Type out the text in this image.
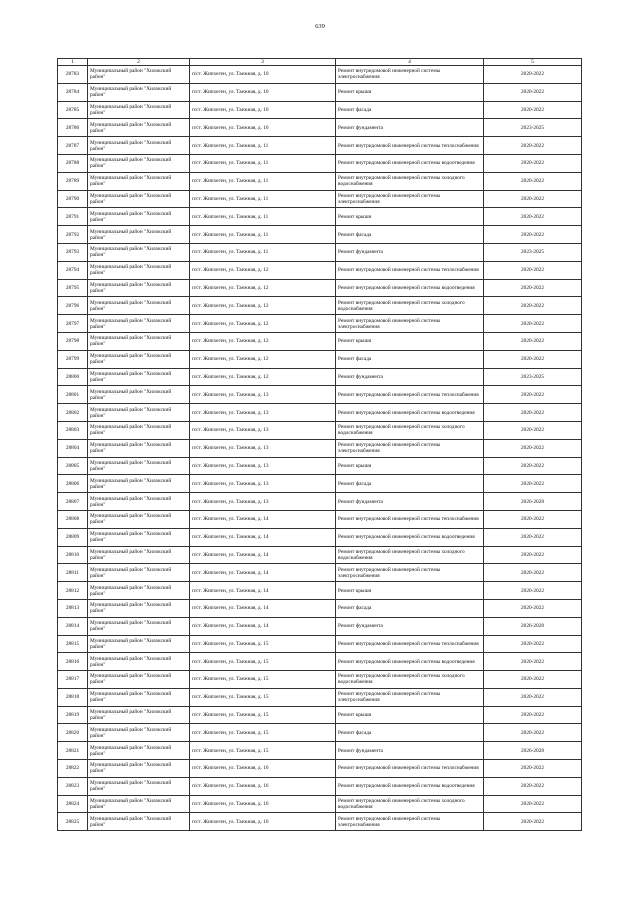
639
1	2	3	4	5
28783	Муниципальный район "Хилокский район"	п/ст. Жипхеген, ул. Таежная, д. 10	Ремонт внутридомовой инженерной системы электроснабжения	2020-2022
28784	Муниципальный район "Хилокский район"	п/ст. Жипхеген, ул. Таежная, д. 10	Ремонт крыши	2020-2022
28785	Муниципальный район "Хилокский район"	п/ст. Жипхеген, ул. Таежная, д. 10	Ремонт фасада	2020-2022
28786	Муниципальный район "Хилокский район"	п/ст. Жипхеген, ул. Таежная, д. 10	Ремонт фундамента	2023-2025
28787	Муниципальный район "Хилокский район"	п/ст. Жипхеген, ул. Таежная, д. 11	Ремонт внутридомовой инженерной системы теплоснабжения	2020-2022
28788	Муниципальный район "Хилокский район"	п/ст. Жипхеген, ул. Таежная, д. 11	Ремонт внутридомовой инженерной системы водоотведения	2020-2022
28789	Муниципальный район "Хилокский район"	п/ст. Жипхеген, ул. Таежная, д. 11	Ремонт внутридомовой инженерной системы холодного водоснабжения	2020-2022
28790	Муниципальный район "Хилокский район"	п/ст. Жипхеген, ул. Таежная, д. 11	Ремонт внутридомовой инженерной системы электроснабжения	2020-2022
28791	Муниципальный район "Хилокский район"	п/ст. Жипхеген, ул. Таежная, д. 11	Ремонт крыши	2020-2022
28792	Муниципальный район "Хилокский район"	п/ст. Жипхеген, ул. Таежная, д. 11	Ремонт фасада	2020-2022
28793	Муниципальный район "Хилокский район"	п/ст. Жипхеген, ул. Таежная, д. 11	Ремонт фундамента	2023-2025
28794	Муниципальный район "Хилокский район"	п/ст. Жипхеген, ул. Таежная, д. 12	Ремонт внутридомовой инженерной системы теплоснабжения	2020-2022
28795	Муниципальный район "Хилокский район"	п/ст. Жипхеген, ул. Таежная, д. 12	Ремонт внутридомовой инженерной системы водоотведения	2020-2022
28796	Муниципальный район "Хилокский район"	п/ст. Жипхеген, ул. Таежная, д. 12	Ремонт внутридомовой инженерной системы холодного водоснабжения	2020-2022
28797	Муниципальный район "Хилокский район"	п/ст. Жипхеген, ул. Таежная, д. 12	Ремонт внутридомовой инженерной системы электроснабжения	2020-2022
28798	Муниципальный район "Хилокский район"	п/ст. Жипхеген, ул. Таежная, д. 12	Ремонт крыши	2020-2022
28799	Муниципальный район "Хилокский район"	п/ст. Жипхеген, ул. Таежная, д. 12	Ремонт фасада	2020-2022
28800	Муниципальный район "Хилокский район"	п/ст. Жипхеген, ул. Таежная, д. 12	Ремонт фундамента	2023-2025
28801	Муниципальный район "Хилокский район"	п/ст. Жипхеген, ул. Таежная, д. 13	Ремонт внутридомовой инженерной системы теплоснабжения	2020-2022
28802	Муниципальный район "Хилокский район"	п/ст. Жипхеген, ул. Таежная, д. 13	Ремонт внутридомовой инженерной системы водоотведения	2020-2022
28803	Муниципальный район "Хилокский район"	п/ст. Жипхеген, ул. Таежная, д. 13	Ремонт внутридомовой инженерной системы холодного водоснабжения	2020-2022
28804	Муниципальный район "Хилокский район"	п/ст. Жипхеген, ул. Таежная, д. 13	Ремонт внутридомовой инженерной системы электроснабжения	2020-2022
28805	Муниципальный район "Хилокский район"	п/ст. Жипхеген, ул. Таежная, д. 13	Ремонт крыши	2020-2022
28806	Муниципальный район "Хилокский район"	п/ст. Жипхеген, ул. Таежная, д. 13	Ремонт фасада	2020-2022
28807	Муниципальный район "Хилокский район"	п/ст. Жипхеген, ул. Таежная, д. 13	Ремонт фундамента	2026-2028
28808	Муниципальный район "Хилокский район"	п/ст. Жипхеген, ул. Таежная, д. 14	Ремонт внутридомовой инженерной системы теплоснабжения	2020-2022
28809	Муниципальный район "Хилокский район"	п/ст. Жипхеген, ул. Таежная, д. 14	Ремонт внутридомовой инженерной системы водоотведения	2020-2022
28810	Муниципальный район "Хилокский район"	п/ст. Жипхеген, ул. Таежная, д. 14	Ремонт внутридомовой инженерной системы холодного водоснабжения	2020-2022
28811	Муниципальный район "Хилокский район"	п/ст. Жипхеген, ул. Таежная, д. 14	Ремонт внутридомовой инженерной системы электроснабжения	2020-2022
28812	Муниципальный район "Хилокский район"	п/ст. Жипхеген, ул. Таежная, д. 14	Ремонт крыши	2020-2022
28813	Муниципальный район "Хилокский район"	п/ст. Жипхеген, ул. Таежная, д. 14	Ремонт фасада	2020-2022
28814	Муниципальный район "Хилокский район"	п/ст. Жипхеген, ул. Таежная, д. 14	Ремонт фундамента	2026-2028
28815	Муниципальный район "Хилокский район"	п/ст. Жипхеген, ул. Таежная, д. 15	Ремонт внутридомовой инженерной системы теплоснабжения	2020-2022
28816	Муниципальный район "Хилокский район"	п/ст. Жипхеген, ул. Таежная, д. 15	Ремонт внутридомовой инженерной системы водоотведения	2020-2022
28817	Муниципальный район "Хилокский район"	п/ст. Жипхеген, ул. Таежная, д. 15	Ремонт внутридомовой инженерной системы холодного водоснабжения	2020-2022
28818	Муниципальный район "Хилокский район"	п/ст. Жипхеген, ул. Таежная, д. 15	Ремонт внутридомовой инженерной системы электроснабжения	2020-2022
28819	Муниципальный район "Хилокский район"	п/ст. Жипхеген, ул. Таежная, д. 15	Ремонт крыши	2020-2022
28820	Муниципальный район "Хилокский район"	п/ст. Жипхеген, ул. Таежная, д. 15	Ремонт фасада	2020-2022
28821	Муниципальный район "Хилокский район"	п/ст. Жипхеген, ул. Таежная, д. 15	Ремонт фундамента	2026-2028
28822	Муниципальный район "Хилокский район"	п/ст. Жипхеген, ул. Таежная, д. 16	Ремонт внутридомовой инженерной системы теплоснабжения	2020-2022
28823	Муниципальный район "Хилокский район"	п/ст. Жипхеген, ул. Таежная, д. 16	Ремонт внутридомовой инженерной системы водоотведения	2020-2022
28824	Муниципальный район "Хилокский район"	п/ст. Жипхеген, ул. Таежная, д. 16	Ремонт внутридомовой инженерной системы холодного водоснабжения	2020-2022
28825	Муниципальный район "Хилокский район"	п/ст. Жипхеген, ул. Таежная, д. 16	Ремонт внутридомовой инженерной системы электроснабжения	2020-2022
